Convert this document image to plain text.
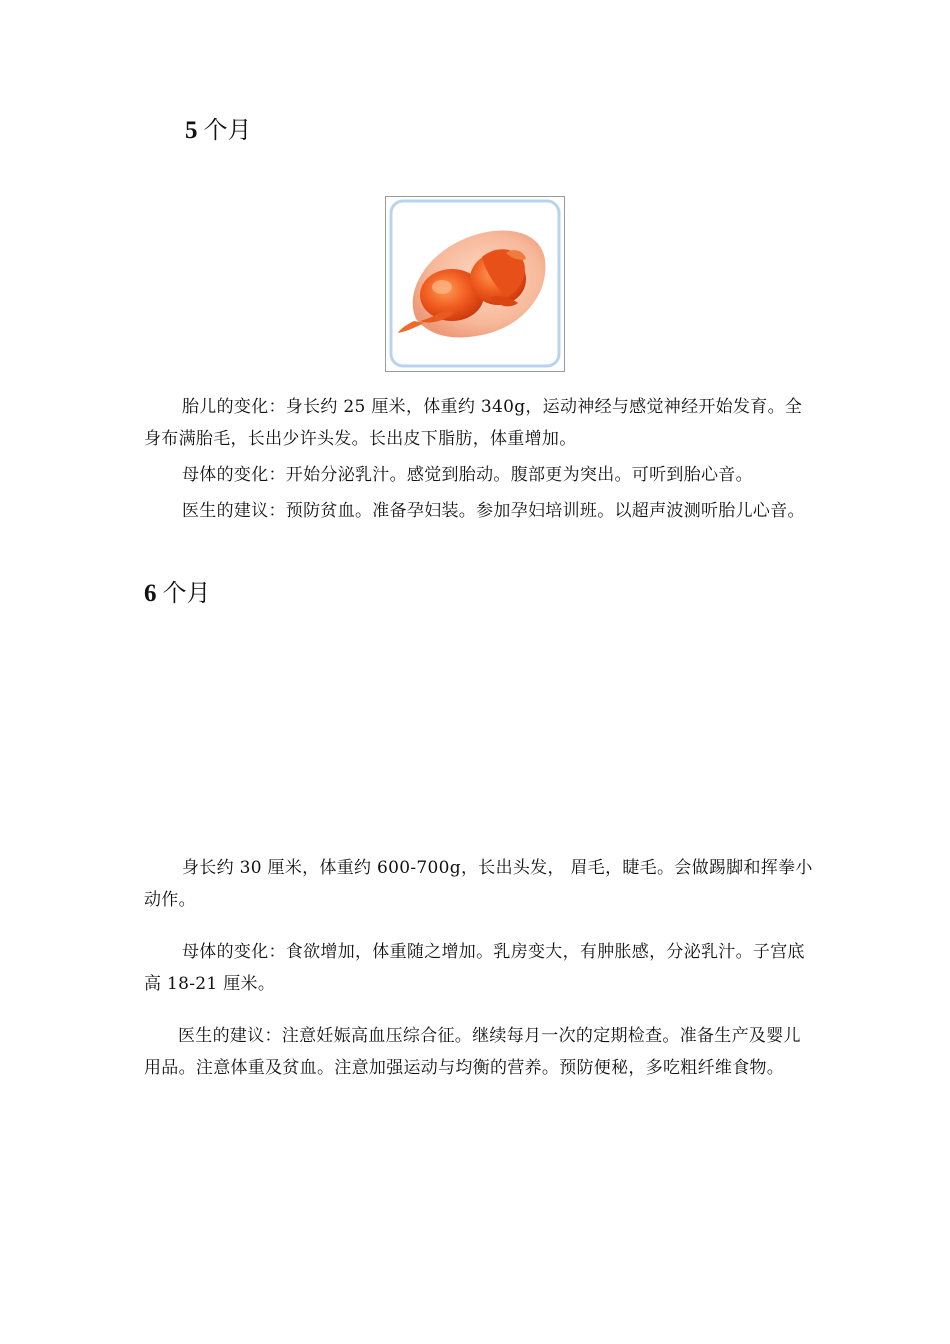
5 个月

胎儿的变化：身长约 25 厘米，体重约 340g，运动神经与感觉神经开始发育。全身布满胎毛，长出少许头发。长出皮下脂肪，体重增加。

母体的变化：开始分泌乳汁。感觉到胎动。腹部更为突出。可听到胎心音。

医生的建议：预防贫血。准备孕妇装。参加孕妇培训班。以超声波测听胎儿心音。

6 个月

身长约 30 厘米，体重约 600-700g，长出头发， 眉毛，睫毛。会做踢脚和挥拳小动作。

母体的变化：食欲增加，体重随之增加。乳房变大，有肿胀感，分泌乳汁。子宫底高 18-21 厘米。

医生的建议：注意妊娠高血压综合征。继续每月一次的定期检查。准备生产及婴儿用品。注意体重及贫血。注意加强运动与均衡的营养。预防便秘，多吃粗纤维食物。
